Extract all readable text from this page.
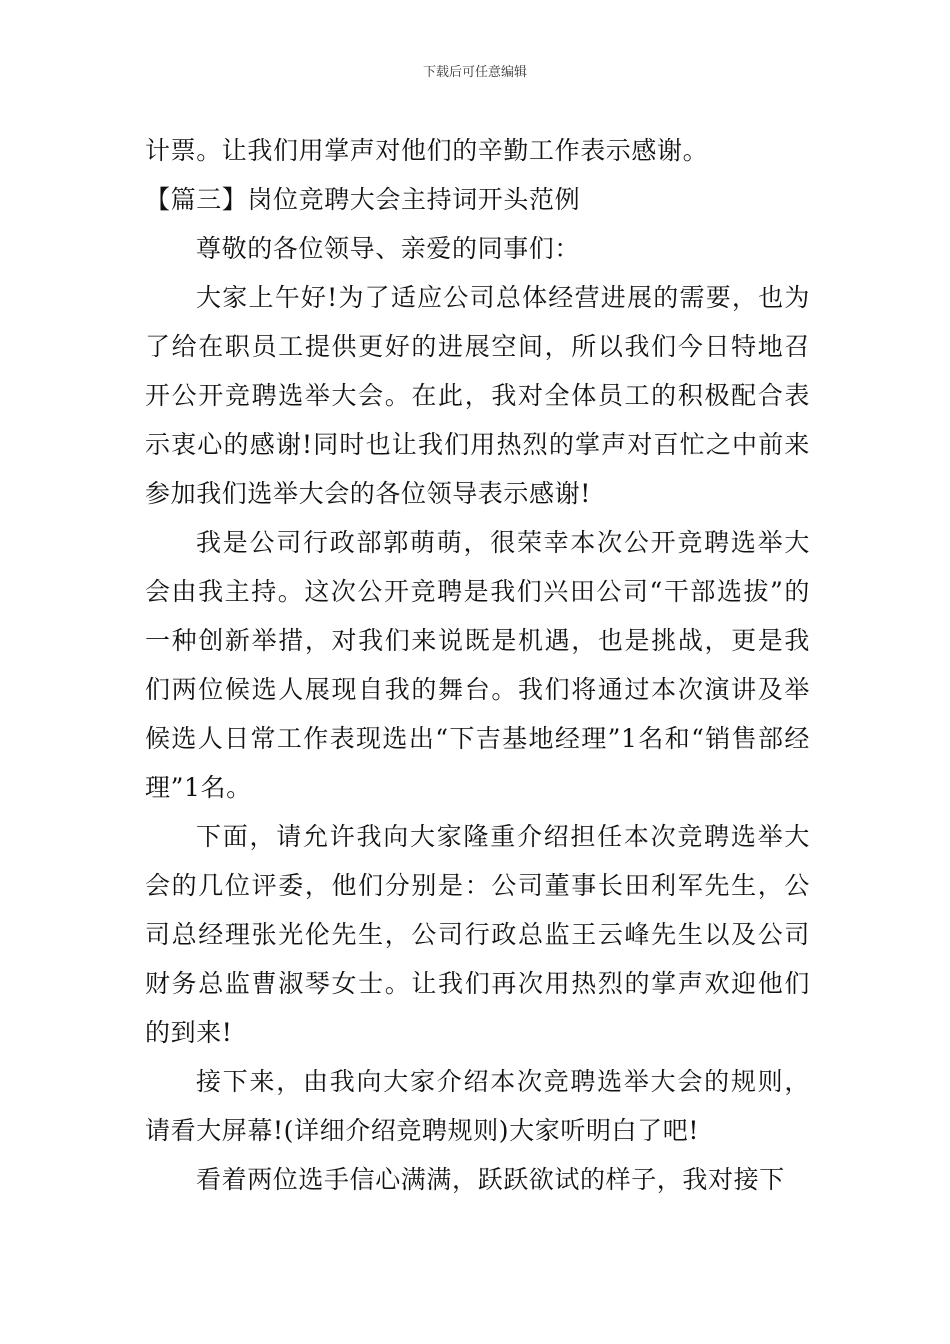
下载后可任意编辑

计票。让我们用掌声对他们的辛勤工作表示感谢。

【篇三】岗位竞聘大会主持词开头范例

尊敬的各位领导、亲爱的同事们：

大家上午好!为了适应公司总体经营进展的需要，也为了给在职员工提供更好的进展空间，所以我们今日特地召开公开竞聘选举大会。在此，我对全体员工的积极配合表示衷心的感谢!同时也让我们用热烈的掌声对百忙之中前来参加我们选举大会的各位领导表示感谢!

我是公司行政部郭萌萌，很荣幸本次公开竞聘选举大会由我主持。这次公开竞聘是我们兴田公司“干部选拔”的一种创新举措，对我们来说既是机遇，也是挑战，更是我们两位候选人展现自我的舞台。我们将通过本次演讲及举候选人日常工作表现选出“下吉基地经理”1名和“销售部经理”1名。

下面，请允许我向大家隆重介绍担任本次竞聘选举大会的几位评委，他们分别是：公司董事长田利军先生，公司总经理张光伦先生，公司行政总监王云峰先生以及公司财务总监曹淑琴女士。让我们再次用热烈的掌声欢迎他们的到来!

接下来，由我向大家介绍本次竞聘选举大会的规则，请看大屏幕!(详细介绍竞聘规则)大家听明白了吧!

看着两位选手信心满满，跃跃欲试的样子，我对接下
